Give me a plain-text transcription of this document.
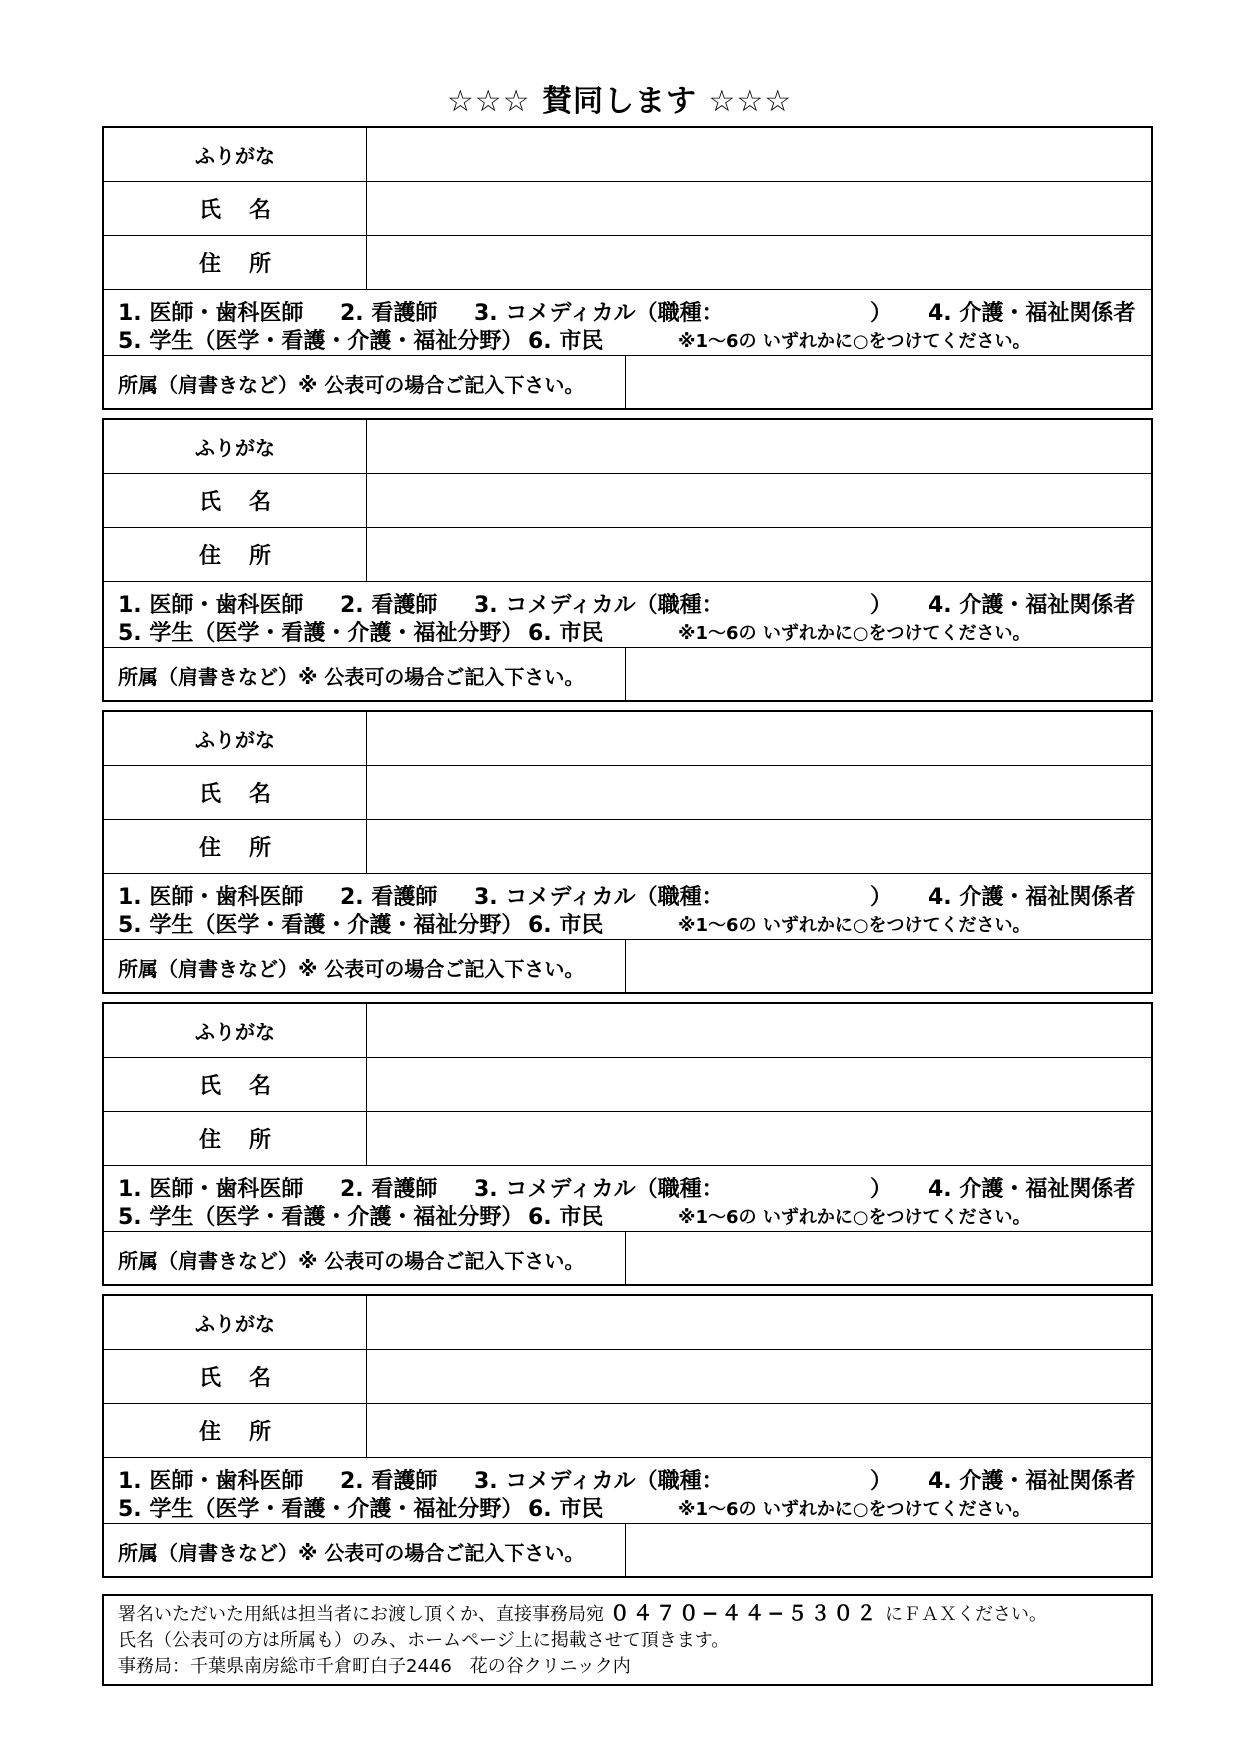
☆☆☆ 賛同します ☆☆☆
ふりがな
氏名
住所
1. 医師・歯科医師 2. 看護師 3. コメディカル（職種：	） 4. 介護・福祉関係者
5. 学生（医学・看護・介護・福祉分野） 6. 市民	※1～6の いずれかに○をつけてください。
所属（肩書きなど）※ 公表可の場合ご記入下さい。
ふりがな
氏名
住所
1. 医師・歯科医師 2. 看護師 3. コメディカル（職種：	） 4. 介護・福祉関係者
5. 学生（医学・看護・介護・福祉分野） 6. 市民	※1～6の いずれかに○をつけてください。
所属（肩書きなど）※ 公表可の場合ご記入下さい。
ふりがな
氏名
住所
1. 医師・歯科医師 2. 看護師 3. コメディカル（職種：	） 4. 介護・福祉関係者
5. 学生（医学・看護・介護・福祉分野） 6. 市民	※1～6の いずれかに○をつけてください。
所属（肩書きなど）※ 公表可の場合ご記入下さい。
ふりがな
氏名
住所
1. 医師・歯科医師 2. 看護師 3. コメディカル（職種：	） 4. 介護・福祉関係者
5. 学生（医学・看護・介護・福祉分野） 6. 市民	※1～6の いずれかに○をつけてください。
所属（肩書きなど）※ 公表可の場合ご記入下さい。
ふりがな
氏名
住所
1. 医師・歯科医師 2. 看護師 3. コメディカル（職種：	） 4. 介護・福祉関係者
5. 学生（医学・看護・介護・福祉分野） 6. 市民	※1～6の いずれかに○をつけてください。
所属（肩書きなど）※ 公表可の場合ご記入下さい。
署名いただいた用紙は担当者にお渡し頂くか、直接事務局宛 ０４７０−４４−５３０２ にＦＡＸください。
氏名（公表可の方は所属も）のみ、ホームページ上に掲載させて頂きます。
事務局：千葉県南房総市千倉町白子2446　花の谷クリニック内
